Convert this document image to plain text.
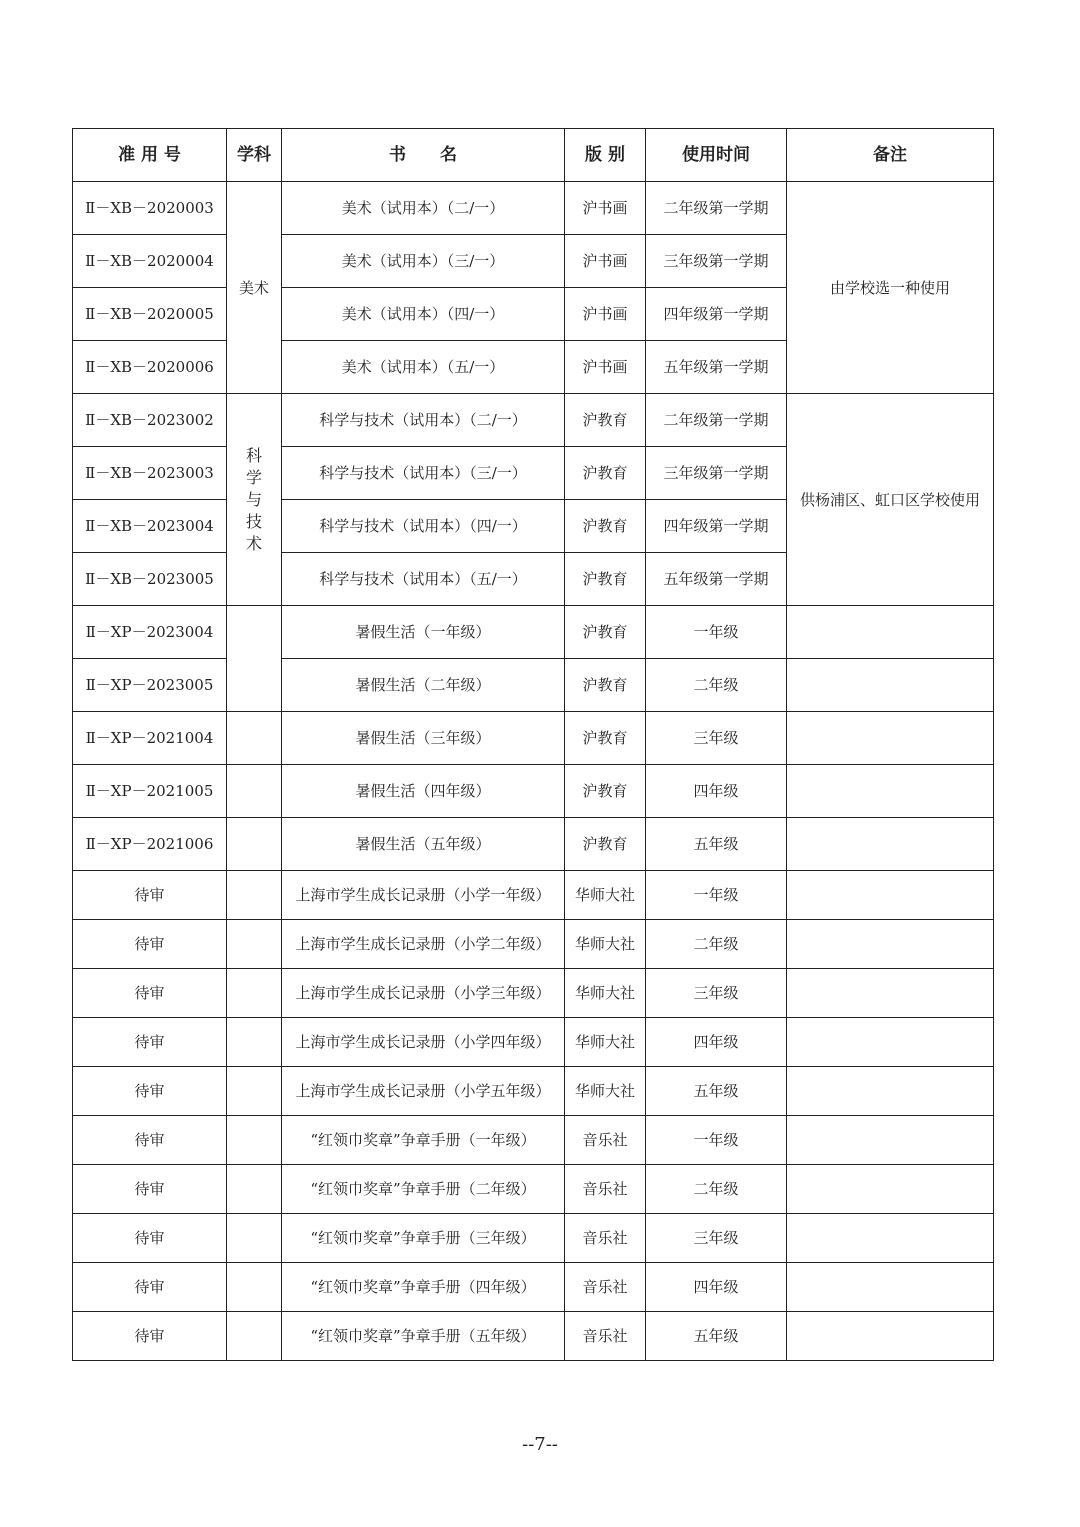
准 用 号	学科	书　　名	版 别	使用时间	备注
Ⅱ－XB－2020003	美术	美术（试用本）（二/一）	沪书画	二年级第一学期	由学校选一种使用
Ⅱ－XB－2020004		美术（试用本）（三/一）	沪书画	三年级第一学期	
Ⅱ－XB－2020005		美术（试用本）（四/一）	沪书画	四年级第一学期	
Ⅱ－XB－2020006		美术（试用本）（五/一）	沪书画	五年级第一学期	
Ⅱ－XB－2023002	科学与技术	科学与技术（试用本）（二/一）	沪教育	二年级第一学期	供杨浦区、虹口区学校使用
Ⅱ－XB－2023003		科学与技术（试用本）（三/一）	沪教育	三年级第一学期	
Ⅱ－XB－2023004		科学与技术（试用本）（四/一）	沪教育	四年级第一学期	
Ⅱ－XB－2023005		科学与技术（试用本）（五/一）	沪教育	五年级第一学期	
Ⅱ－XP－2023004		暑假生活（一年级）	沪教育	一年级	
Ⅱ－XP－2023005		暑假生活（二年级）	沪教育	二年级	
Ⅱ－XP－2021004		暑假生活（三年级）	沪教育	三年级	
Ⅱ－XP－2021005		暑假生活（四年级）	沪教育	四年级	
Ⅱ－XP－2021006		暑假生活（五年级）	沪教育	五年级	
待审		上海市学生成长记录册（小学一年级）	华师大社	一年级	
待审		上海市学生成长记录册（小学二年级）	华师大社	二年级	
待审		上海市学生成长记录册（小学三年级）	华师大社	三年级	
待审		上海市学生成长记录册（小学四年级）	华师大社	四年级	
待审		上海市学生成长记录册（小学五年级）	华师大社	五年级	
待审		“红领巾奖章”争章手册（一年级）	音乐社	一年级	
待审		“红领巾奖章”争章手册（二年级）	音乐社	二年级	
待审		“红领巾奖章”争章手册（三年级）	音乐社	三年级	
待审		“红领巾奖章”争章手册（四年级）	音乐社	四年级	
待审		“红领巾奖章”争章手册（五年级）	音乐社	五年级	
--7--
